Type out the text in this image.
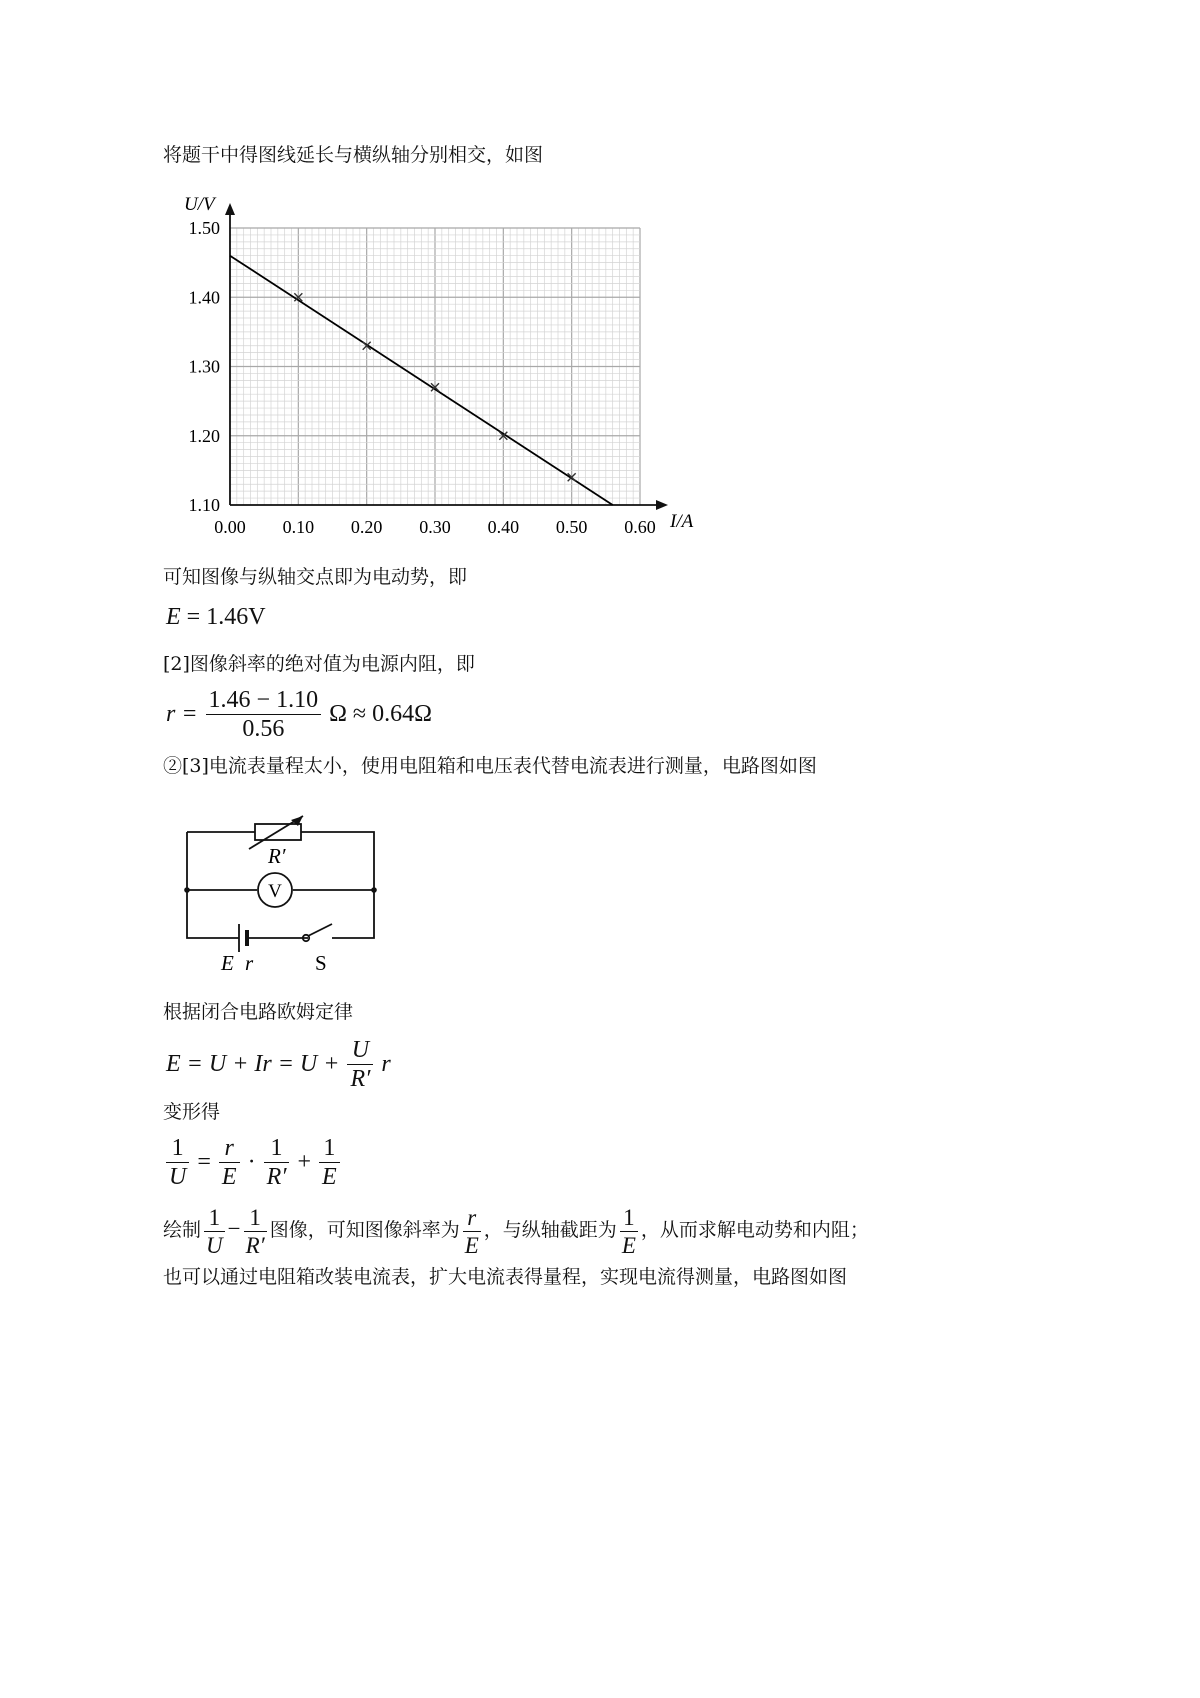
将题干中得图线延长与横纵轴分别相交，如图
0.00 0.10 0.20 0.30 0.40 0.50 0.60
1.10
1.20
1.30
1.40
1.50
I/A
U/V
可知图像与纵轴交点即为电动势，即
E = 1.46V
[2]图像斜率的绝对值为电源内阻，即
$r = \frac{1.46 - 1.10}{0.56}$ Ω ≈ 0.64Ω
②[3]电流表量程太小，使用电阻箱和电压表代替电流表进行测量，电路图如图
R′
V
E r	S
根据闭合电路欧姆定律
$E = U + Ir = U + \frac{U}{R'}$ r
变形得
$\frac{1}{U} = \frac{r}{E} \cdot \frac{1}{R'} + \frac{1}{E}$
绘制 $\frac{1}{U} - \frac{1}{R'}$ 图像，可知图像斜率为 $\frac{r}{E}$ ，与纵轴截距为 $\frac{1}{E}$ ，从而求解电动势和内阻；
也可以通过电阻箱改装电流表，扩大电流表得量程，实现电流得测量，电路图如图
